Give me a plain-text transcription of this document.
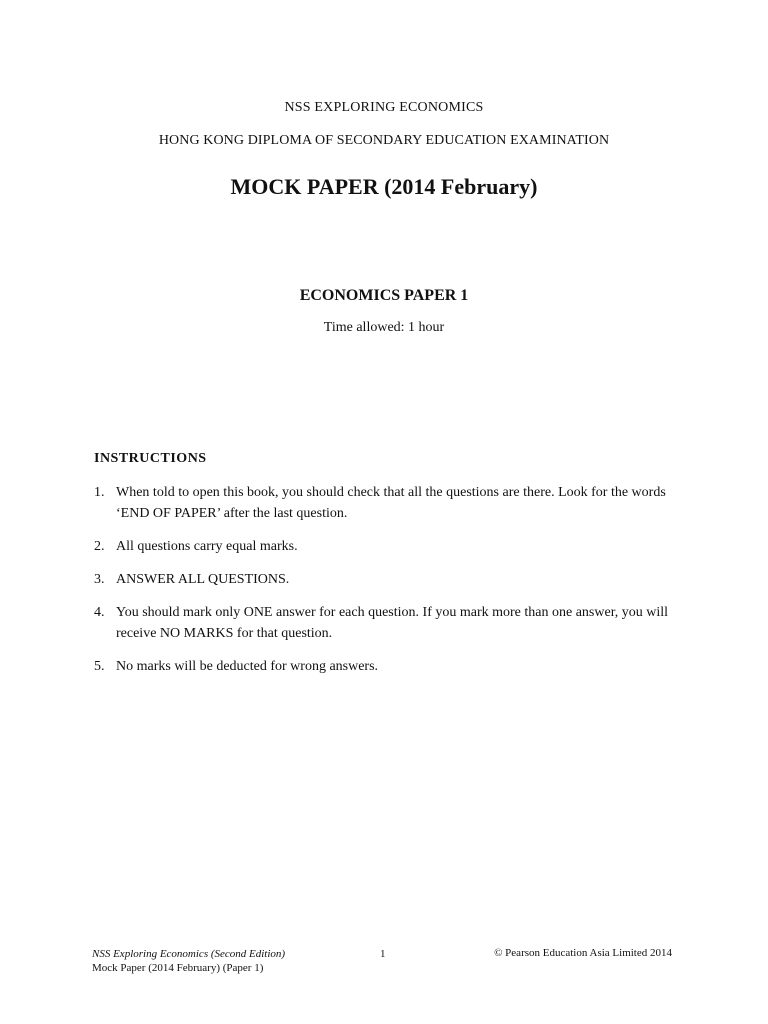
NSS EXPLORING ECONOMICS
HONG KONG DIPLOMA OF SECONDARY EDUCATION EXAMINATION
MOCK PAPER (2014 February)
ECONOMICS PAPER 1
Time allowed: 1 hour
INSTRUCTIONS
1. When told to open this book, you should check that all the questions are there. Look for the words ‘END OF PAPER’ after the last question.
2. All questions carry equal marks.
3. ANSWER ALL QUESTIONS.
4. You should mark only ONE answer for each question. If you mark more than one answer, you will receive NO MARKS for that question.
5. No marks will be deducted for wrong answers.
NSS Exploring Economics (Second Edition)
Mock Paper (2014 February) (Paper 1)
1	© Pearson Education Asia Limited 2014
